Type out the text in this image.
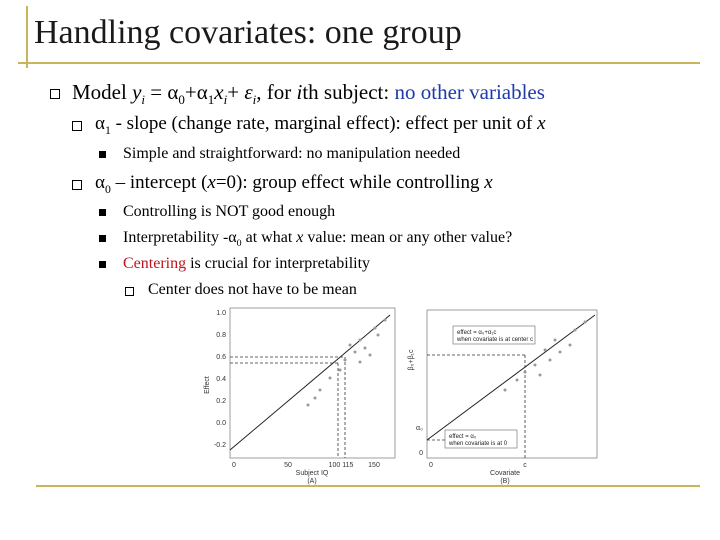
Handling covariates: one group
Model $y_i = \alpha_0+\alpha_1x_i+ \varepsilon_i$, for ith subject: no other variables
$\alpha_1$ - slope (change rate, marginal effect): effect per unit of x
Simple and straightforward: no manipulation needed
$\alpha_0$ – intercept (x=0): group effect while controlling x
Controlling is NOT good enough
Interpretability $-\alpha_0$ at what x value: mean or any other value?
Centering is crucial for interpretability
Center does not have to be mean
1.0
0.8
0.6
0.4
0.2
0.0
-0.2
0	50	100 115 150
Subject IQ
(A)
Effect
effect = α₀+α₁c
when covariate is at center c
effect = α₀
when covariate is at 0
α₀
0
0	c
Covariate
(B)
β₀+β₁c
